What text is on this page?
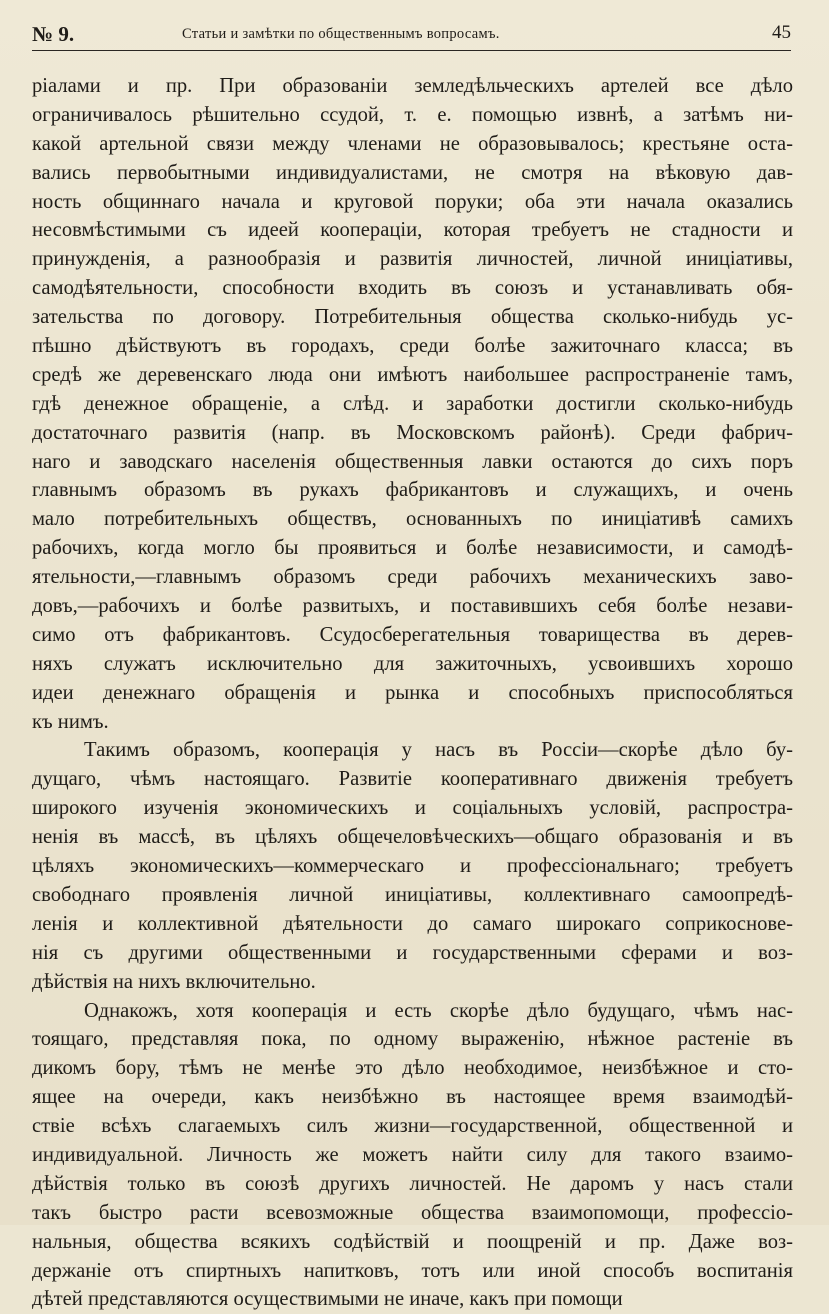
№ 9.	Статьи и замѣтки по общественнымъ вопросамъ.	45
ріалами и пр. При образованіи земледѣльческихъ артелей все дѣло
ограничивалось рѣшительно ссудой, т. е. помощью извнѣ, а затѣмъ ни-
какой артельной связи между членами не образовывалось; крестьяне оста-
вались первобытными индивидуалистами, не смотря на вѣковую дав-
ность общиннаго начала и круговой поруки; оба эти начала оказались
несовмѣстимыми съ идеей кооперацiи, которая требуетъ не стадности и
принужденія, а разнообразія и развитія личностей, личной иниціативы,
самодѣятельности, способности входить въ союзъ и устанавливать обя-
зательства по договору. Потребительныя общества сколько-нибудь ус-
пѣшно дѣйствуютъ въ городахъ, среди болѣе зажиточнаго класса; въ
средѣ же деревенскаго люда они имѣютъ наибольшее распространеніе тамъ,
гдѣ денежное обращеніе, а слѣд. и заработки достигли сколько-нибудь
достаточнаго развитія (напр. въ Московскомъ районѣ). Среди фабрич-
наго и заводскаго населенія общественныя лавки остаются до сихъ поръ
главнымъ образомъ въ рукахъ фабрикантовъ и служащихъ, и очень
мало потребительныхъ обществъ, основанныхъ по иниціативѣ самихъ
рабочихъ, когда могло бы проявиться и болѣе независимости, и самодѣ-
ятельности,—главнымъ образомъ среди рабочихъ механическихъ заво-
довъ,—рабочихъ и болѣе развитыхъ, и поставившихъ себя болѣе незави-
симо отъ фабрикантовъ. Ссудосберегательныя товарищества въ дерев-
няхъ служатъ исключительно для зажиточныхъ, усвоившихъ хорошо
идеи денежнаго обращенія и рынка и способныхъ приспособляться
къ нимъ.
Такимъ образомъ, кооперація у насъ въ Россіи—скорѣе дѣло бу-
дущаго, чѣмъ настоящаго. Развитіе кооперативнаго движенія требуетъ
широкого изученія экономическихъ и соціальныхъ условій, распростра-
ненія въ массѣ, въ цѣляхъ общечеловѣческихъ—общаго образованія и въ
цѣляхъ экономическихъ—коммерческаго и профессіональнаго; требуетъ
свободнаго проявленія личной иниціативы, коллективнаго самоопредѣ-
ленія и коллективной дѣятельности до самаго широкаго соприкоснове-
нія съ другими общественными и государственными сферами и воз-
дѣйствія на нихъ включительно.
Однакожъ, хотя кооперація и есть скорѣе дѣло будущаго, чѣмъ нас-
тоящаго, представляя пока, по одному выраженію, нѣжное растеніе въ
дикомъ бору, тѣмъ не менѣе это дѣло необходимое, неизбѣжное и сто-
ящее на очереди, какъ неизбѣжно въ настоящее время взаимодѣй-
ствіе всѣхъ слагаемыхъ силъ жизни—государственной, общественной и
индивидуальной. Личность же можетъ найти силу для такого взаимо-
дѣйствія только въ союзѣ другихъ личностей. Не даромъ у насъ стали
такъ быстро расти всевозможные общества взаимопомощи, профессіо-
нальныя, общества всякихъ содѣйствій и поощреній и пр. Даже воз-
держаніе отъ спиртныхъ напитковъ, тотъ или иной способъ воспитанія
дѣтей представляются осуществимыми не иначе, какъ при помощи
